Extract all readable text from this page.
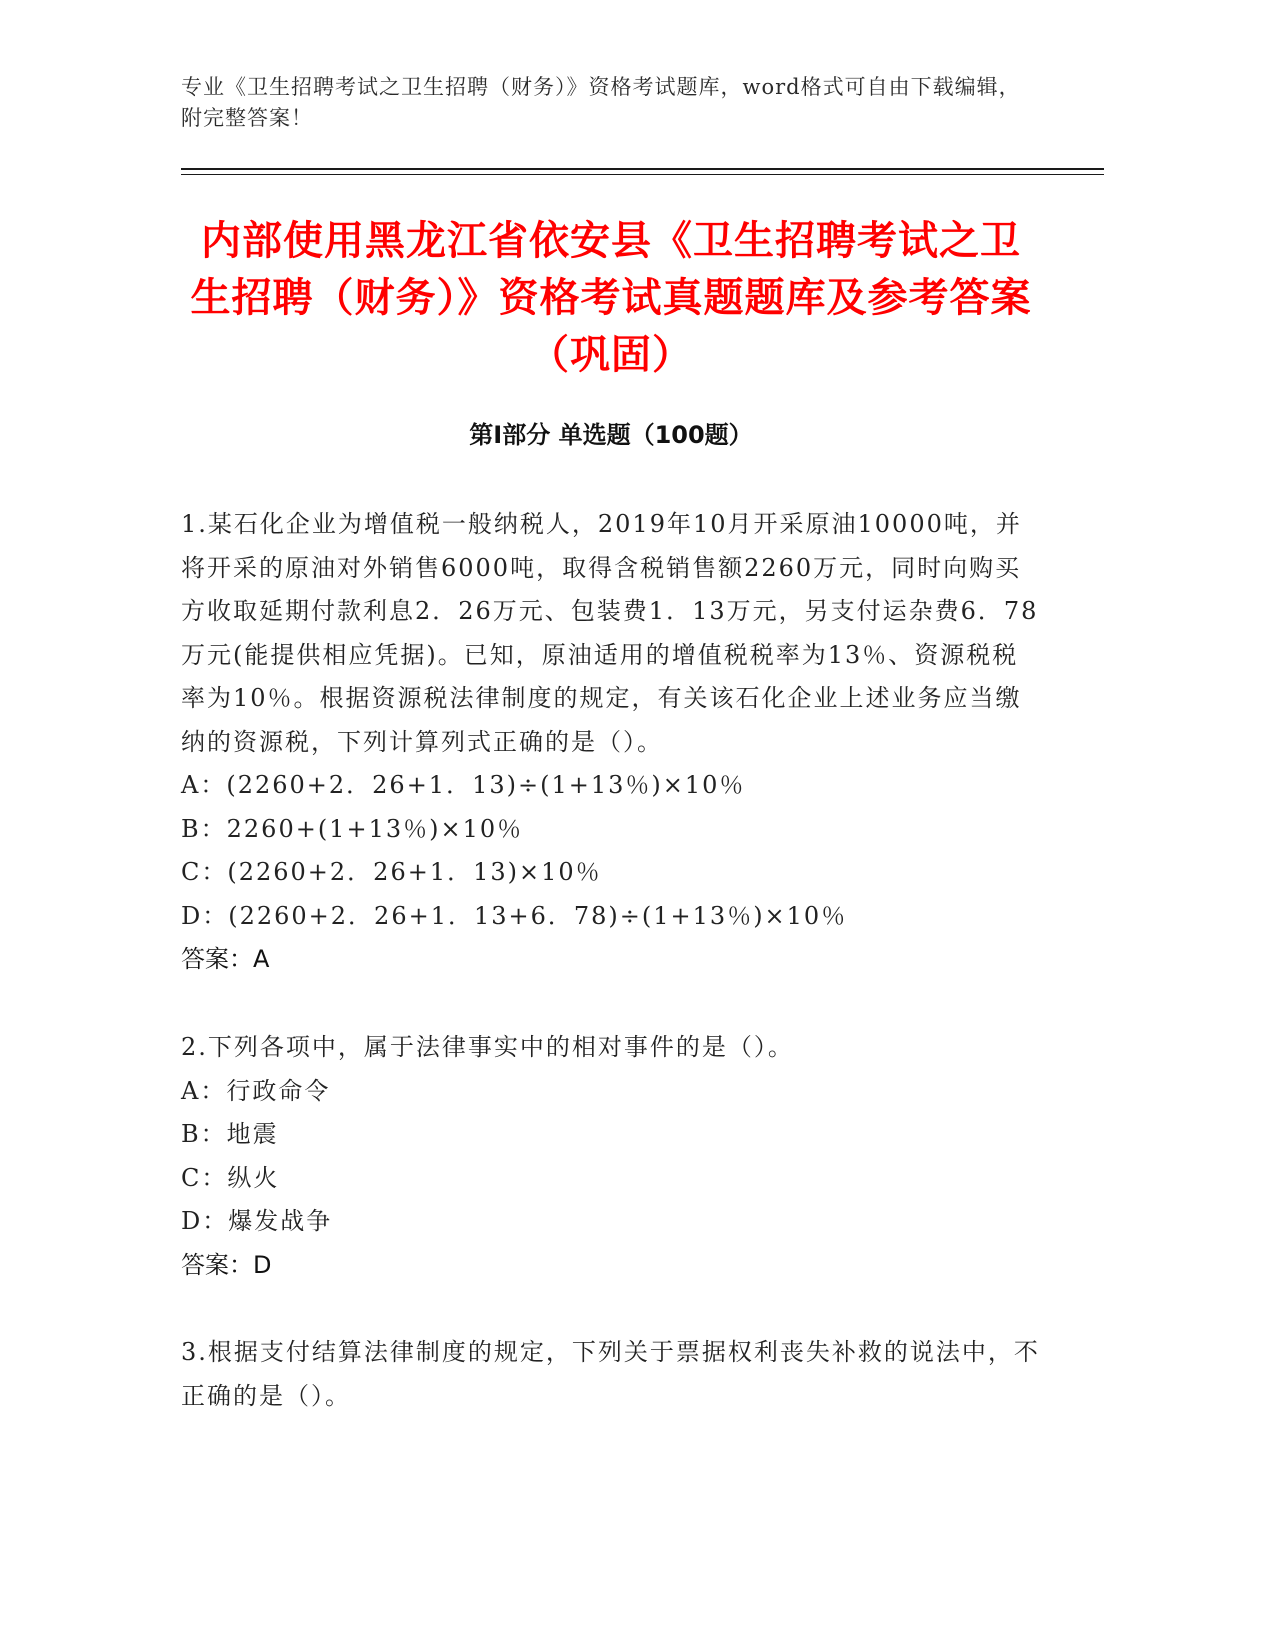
专业《卫生招聘考试之卫生招聘（财务）》资格考试题库，word格式可自由下载编辑，附完整答案！
内部使用黑龙江省依安县《卫生招聘考试之卫生招聘（财务）》资格考试真题题库及参考答案（巩固）
第Ⅰ部分 单选题（100题）
1.某石化企业为增值税一般纳税人，2019年10月开采原油10000吨，并将开采的原油对外销售6000吨，取得含税销售额2260万元，同时向购买方收取延期付款利息2．26万元、包装费1．13万元，另支付运杂费6．78万元(能提供相应凭据)。已知，原油适用的增值税税率为13％、资源税税率为10％。根据资源税法律制度的规定，有关该石化企业上述业务应当缴纳的资源税，下列计算列式正确的是（）。
A：(2260+2．26+1．13)÷(1+13％)×10％
B：2260+(1+13％)×10％
C：(2260+2．26+1．13)×10％
D：(2260+2．26+1．13+6．78)÷(1+13％)×10％
答案：A
2.下列各项中，属于法律事实中的相对事件的是（）。
A：行政命令
B：地震
C：纵火
D：爆发战争
答案：D
3.根据支付结算法律制度的规定，下列关于票据权利丧失补救的说法中，不正确的是（）。
